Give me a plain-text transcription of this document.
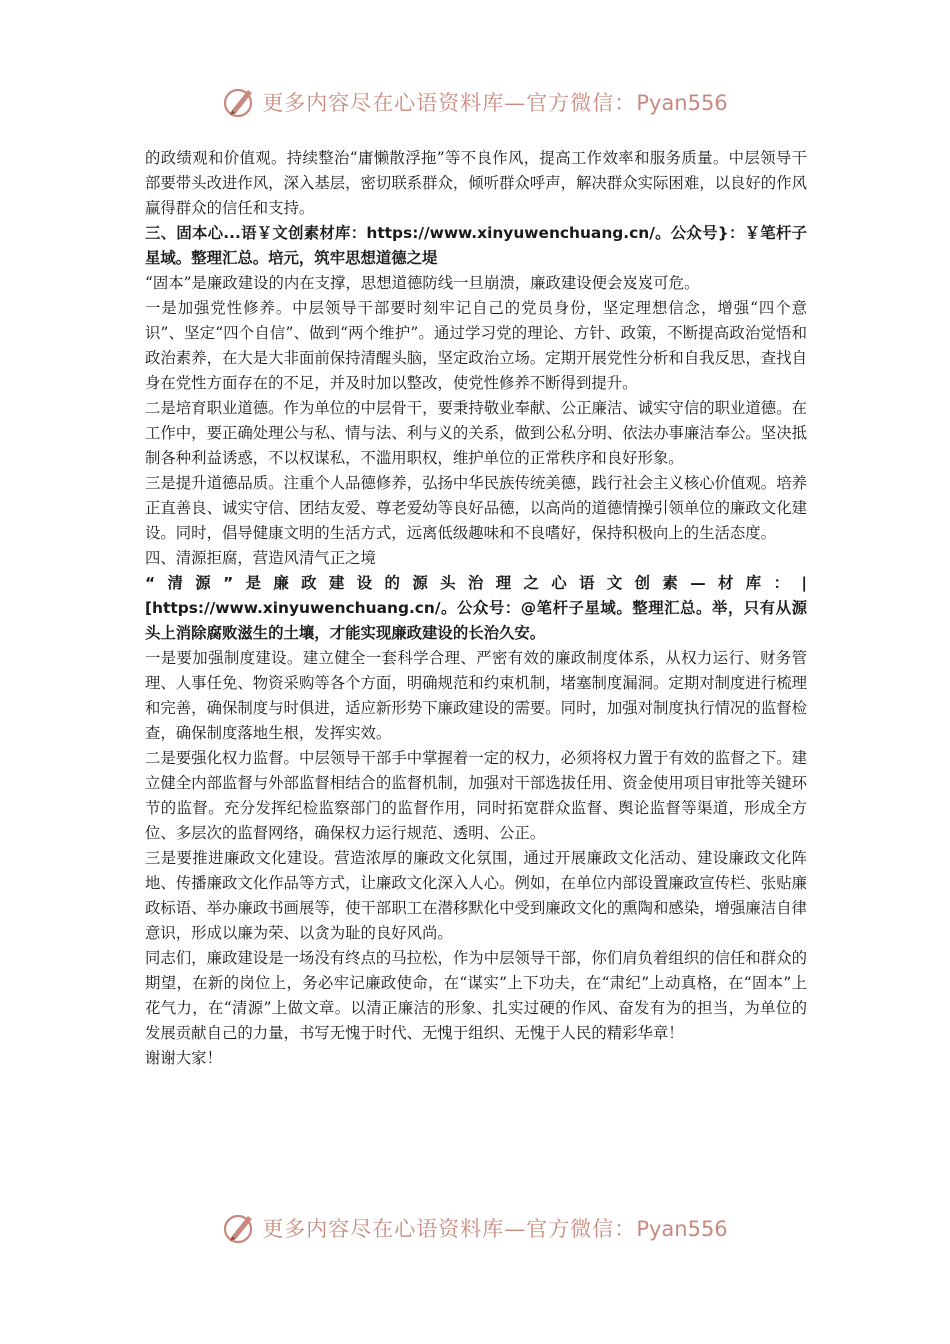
更多内容尽在心语资料库—官方微信：Pyan556

的政绩观和价值观。持续整治“庸懒散浮拖”等不良作风，提高工作效率和服务质量。中层领导干部要带头改进作风，深入基层，密切联系群众，倾听群众呼声，解决群众实际困难，以良好的作风赢得群众的信任和支持。

三、固本心...语￥文创素材库：https://www.xinyuwenchuang.cn/。公众号}：￥笔杆子星域。整理汇总。培元，筑牢思想道德之堤

“固本”是廉政建设的内在支撑，思想道德防线一旦崩溃，廉政建设便会岌岌可危。

一是加强党性修养。中层领导干部要时刻牢记自己的党员身份，坚定理想信念，增强“四个意识”、坚定“四个自信”、做到“两个维护”。通过学习党的理论、方针、政策，不断提高政治觉悟和政治素养，在大是大非面前保持清醒头脑，坚定政治立场。定期开展党性分析和自我反思，查找自身在党性方面存在的不足，并及时加以整改，使党性修养不断得到提升。

二是培育职业道德。作为单位的中层骨干，要秉持敬业奉献、公正廉洁、诚实守信的职业道德。在工作中，要正确处理公与私、情与法、利与义的关系，做到公私分明、依法办事廉洁奉公。坚决抵制各种利益诱惑，不以权谋私，不滥用职权，维护单位的正常秩序和良好形象。

三是提升道德品质。注重个人品德修养，弘扬中华民族传统美德，践行社会主义核心价值观。培养正直善良、诚实守信、团结友爱、尊老爱幼等良好品德，以高尚的道德情操引领单位的廉政文化建设。同时，倡导健康文明的生活方式，远离低级趣味和不良嗜好，保持积极向上的生活态度。

四、清源拒腐，营造风清气正之境

“清源”是廉政建设的源头治理之心语文创素—材库：|[https://www.xinyuwenchuang.cn/。公众号：@笔杆子星域。整理汇总。举，只有从源头上消除腐败滋生的土壤，才能实现廉政建设的长治久安。

一是要加强制度建设。建立健全一套科学合理、严密有效的廉政制度体系，从权力运行、财务管理、人事任免、物资采购等各个方面，明确规范和约束机制，堵塞制度漏洞。定期对制度进行梳理和完善，确保制度与时俱进，适应新形势下廉政建设的需要。同时，加强对制度执行情况的监督检查，确保制度落地生根，发挥实效。

二是要强化权力监督。中层领导干部手中掌握着一定的权力，必须将权力置于有效的监督之下。建立健全内部监督与外部监督相结合的监督机制，加强对干部选拔任用、资金使用项目审批等关键环节的监督。充分发挥纪检监察部门的监督作用，同时拓宽群众监督、舆论监督等渠道，形成全方位、多层次的监督网络，确保权力运行规范、透明、公正。

三是要推进廉政文化建设。营造浓厚的廉政文化氛围，通过开展廉政文化活动、建设廉政文化阵地、传播廉政文化作品等方式，让廉政文化深入人心。例如，在单位内部设置廉政宣传栏、张贴廉政标语、举办廉政书画展等，使干部职工在潜移默化中受到廉政文化的熏陶和感染，增强廉洁自律意识，形成以廉为荣、以贪为耻的良好风尚。

同志们，廉政建设是一场没有终点的马拉松，作为中层领导干部，你们肩负着组织的信任和群众的期望，在新的岗位上，务必牢记廉政使命，在“谋实”上下功夫，在“肃纪”上动真格，在“固本”上花气力，在“清源”上做文章。以清正廉洁的形象、扎实过硬的作风、奋发有为的担当，为单位的发展贡献自己的力量，书写无愧于时代、无愧于组织、无愧于人民的精彩华章！

谢谢大家！

更多内容尽在心语资料库—官方微信：Pyan556
